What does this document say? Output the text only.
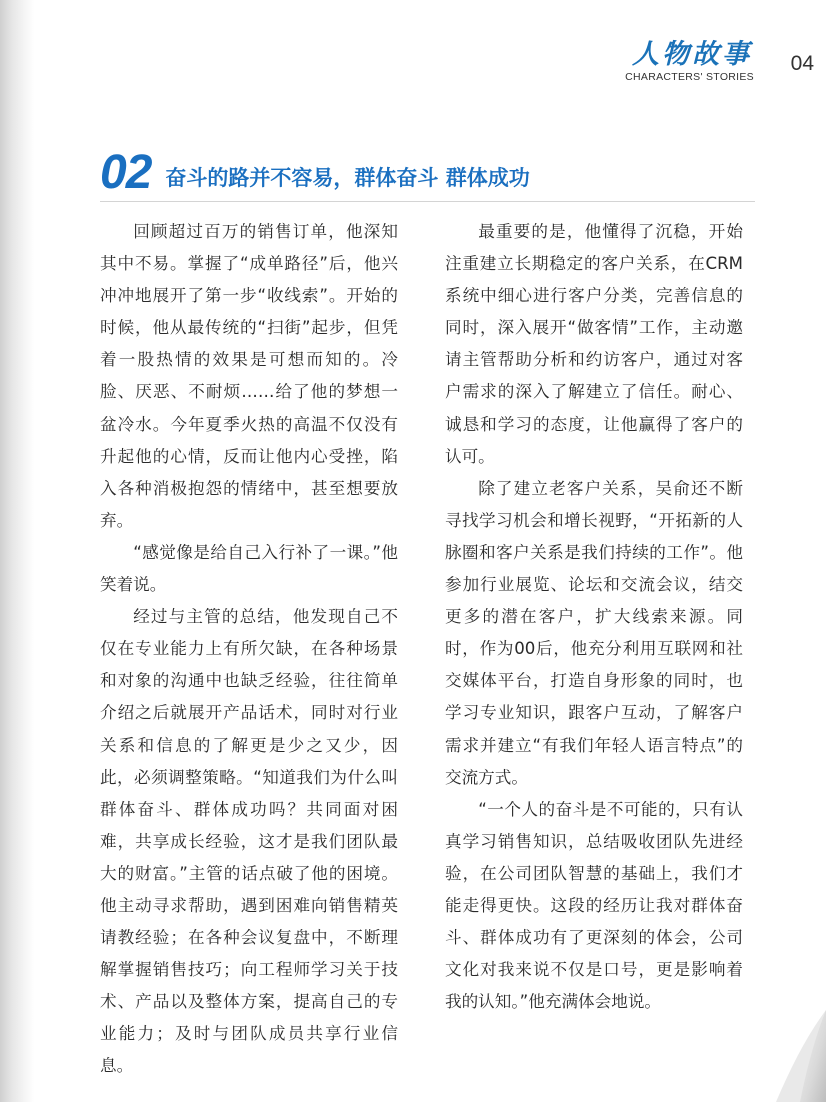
人物故事
CHARACTERS' STORIES
04
02 奋斗的路并不容易，群体奋斗 群体成功

回顾超过百万的销售订单，他深知其中不易。掌握了“成单路径”后，他兴冲冲地展开了第一步“收线索”。开始的时候，他从最传统的“扫街”起步，但凭着一股热情的效果是可想而知的。冷脸、厌恶、不耐烦……给了他的梦想一盆冷水。今年夏季火热的高温不仅没有升起他的心情，反而让他内心受挫，陷入各种消极抱怨的情绪中，甚至想要放弃。

“感觉像是给自己入行补了一课。”他笑着说。

经过与主管的总结，他发现自己不仅在专业能力上有所欠缺，在各种场景和对象的沟通中也缺乏经验，往往简单介绍之后就展开产品话术，同时对行业关系和信息的了解更是少之又少，因此，必须调整策略。“知道我们为什么叫群体奋斗、群体成功吗？共同面对困难，共享成长经验，这才是我们团队最大的财富。”主管的话点破了他的困境。他主动寻求帮助，遇到困难向销售精英请教经验；在各种会议复盘中，不断理解掌握销售技巧；向工程师学习关于技术、产品以及整体方案，提高自己的专业能力；及时与团队成员共享行业信息。

最重要的是，他懂得了沉稳，开始注重建立长期稳定的客户关系，在CRM系统中细心进行客户分类，完善信息的同时，深入展开“做客情”工作，主动邀请主管帮助分析和约访客户，通过对客户需求的深入了解建立了信任。耐心、诚恳和学习的态度，让他赢得了客户的认可。

除了建立老客户关系，吴俞还不断寻找学习机会和增长视野，“开拓新的人脉圈和客户关系是我们持续的工作”。他参加行业展览、论坛和交流会议，结交更多的潜在客户，扩大线索来源。同时，作为00后，他充分利用互联网和社交媒体平台，打造自身形象的同时，也学习专业知识，跟客户互动，了解客户需求并建立“有我们年轻人语言特点”的交流方式。

“一个人的奋斗是不可能的，只有认真学习销售知识，总结吸收团队先进经验，在公司团队智慧的基础上，我们才能走得更快。这段的经历让我对群体奋斗、群体成功有了更深刻的体会，公司文化对我来说不仅是口号，更是影响着我的认知。”他充满体会地说。
